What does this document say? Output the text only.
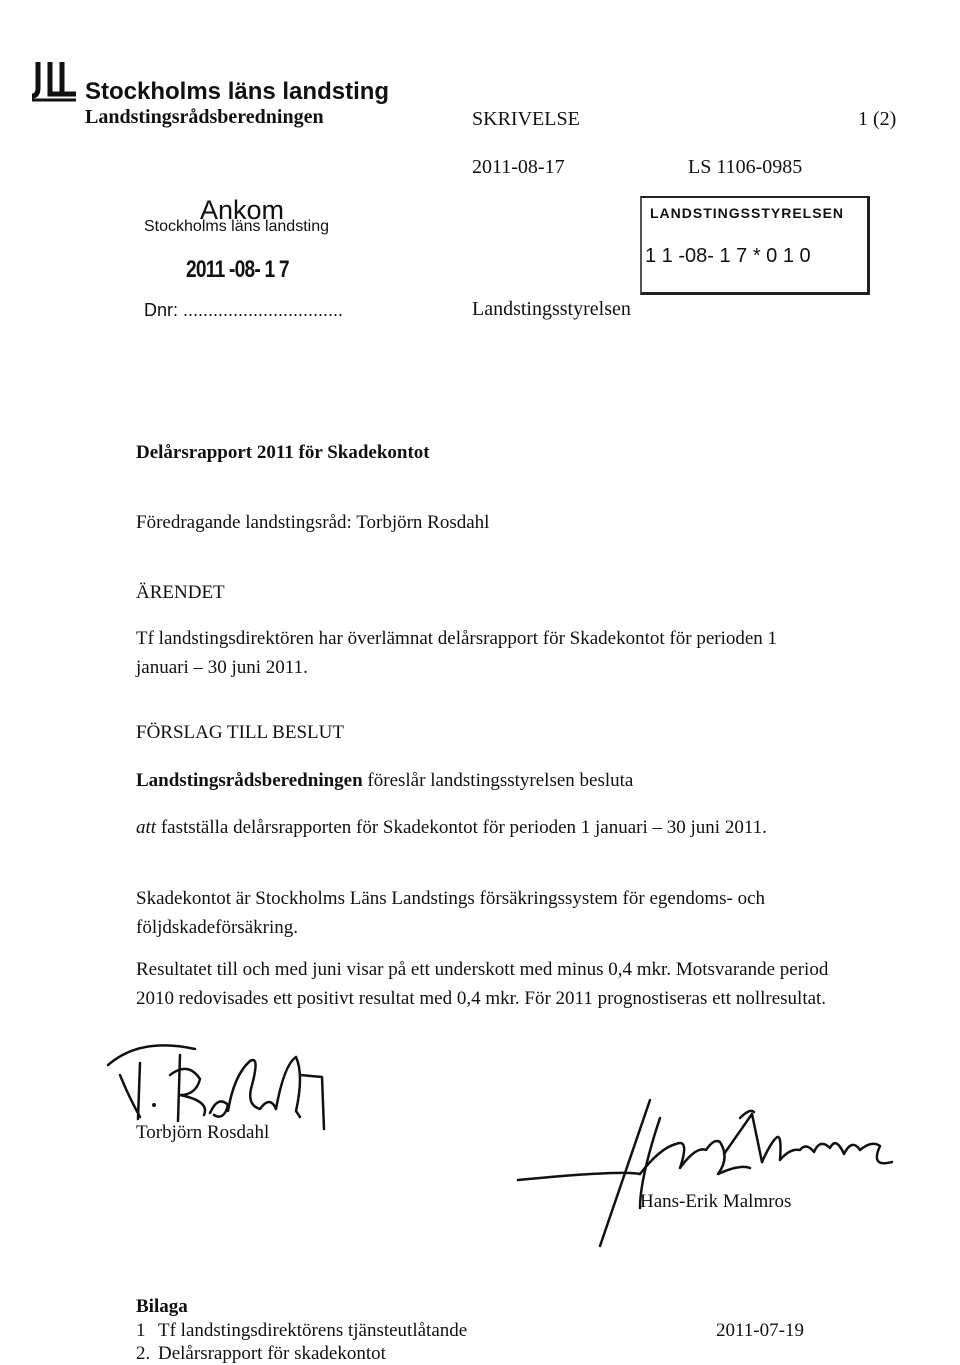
Stockholms läns landsting
Landstingsrådsberedningen	SKRIVELSE	1 (2)
2011-08-17	LS 1106-0985
Ankom
Stockholms läns landsting
2011 -08- 1 7
Dnr: ................................
LANDSTINGSSTYRELSEN
1 1 -08- 1 7 * 0 1 0
Landstingsstyrelsen
Delårsrapport 2011 för Skadekontot
Föredragande landstingsråd: Torbjörn Rosdahl
ÄRENDET
Tf landstingsdirektören har överlämnat delårsrapport för Skadekontot för perioden 1 januari – 30 juni 2011.
FÖRSLAG TILL BESLUT
Landstingsrådsberedningen föreslår landstingsstyrelsen besluta
att fastställa delårsrapporten för Skadekontot för perioden 1 januari – 30 juni 2011.
Skadekontot är Stockholms Läns Landstings försäkringssystem för egendoms- och följdskadeförsäkring.
Resultatet till och med juni visar på ett underskott med minus 0,4 mkr. Motsvarande period 2010 redovisades ett positivt resultat med 0,4 mkr. För 2011 prognostiseras ett nollresultat.
Torbjörn Rosdahl
Hans-Erik Malmros
Bilaga
1 Tf landstingsdirektörens tjänsteutlåtande	2011-07-19
2. Delårsrapport för skadekontot
